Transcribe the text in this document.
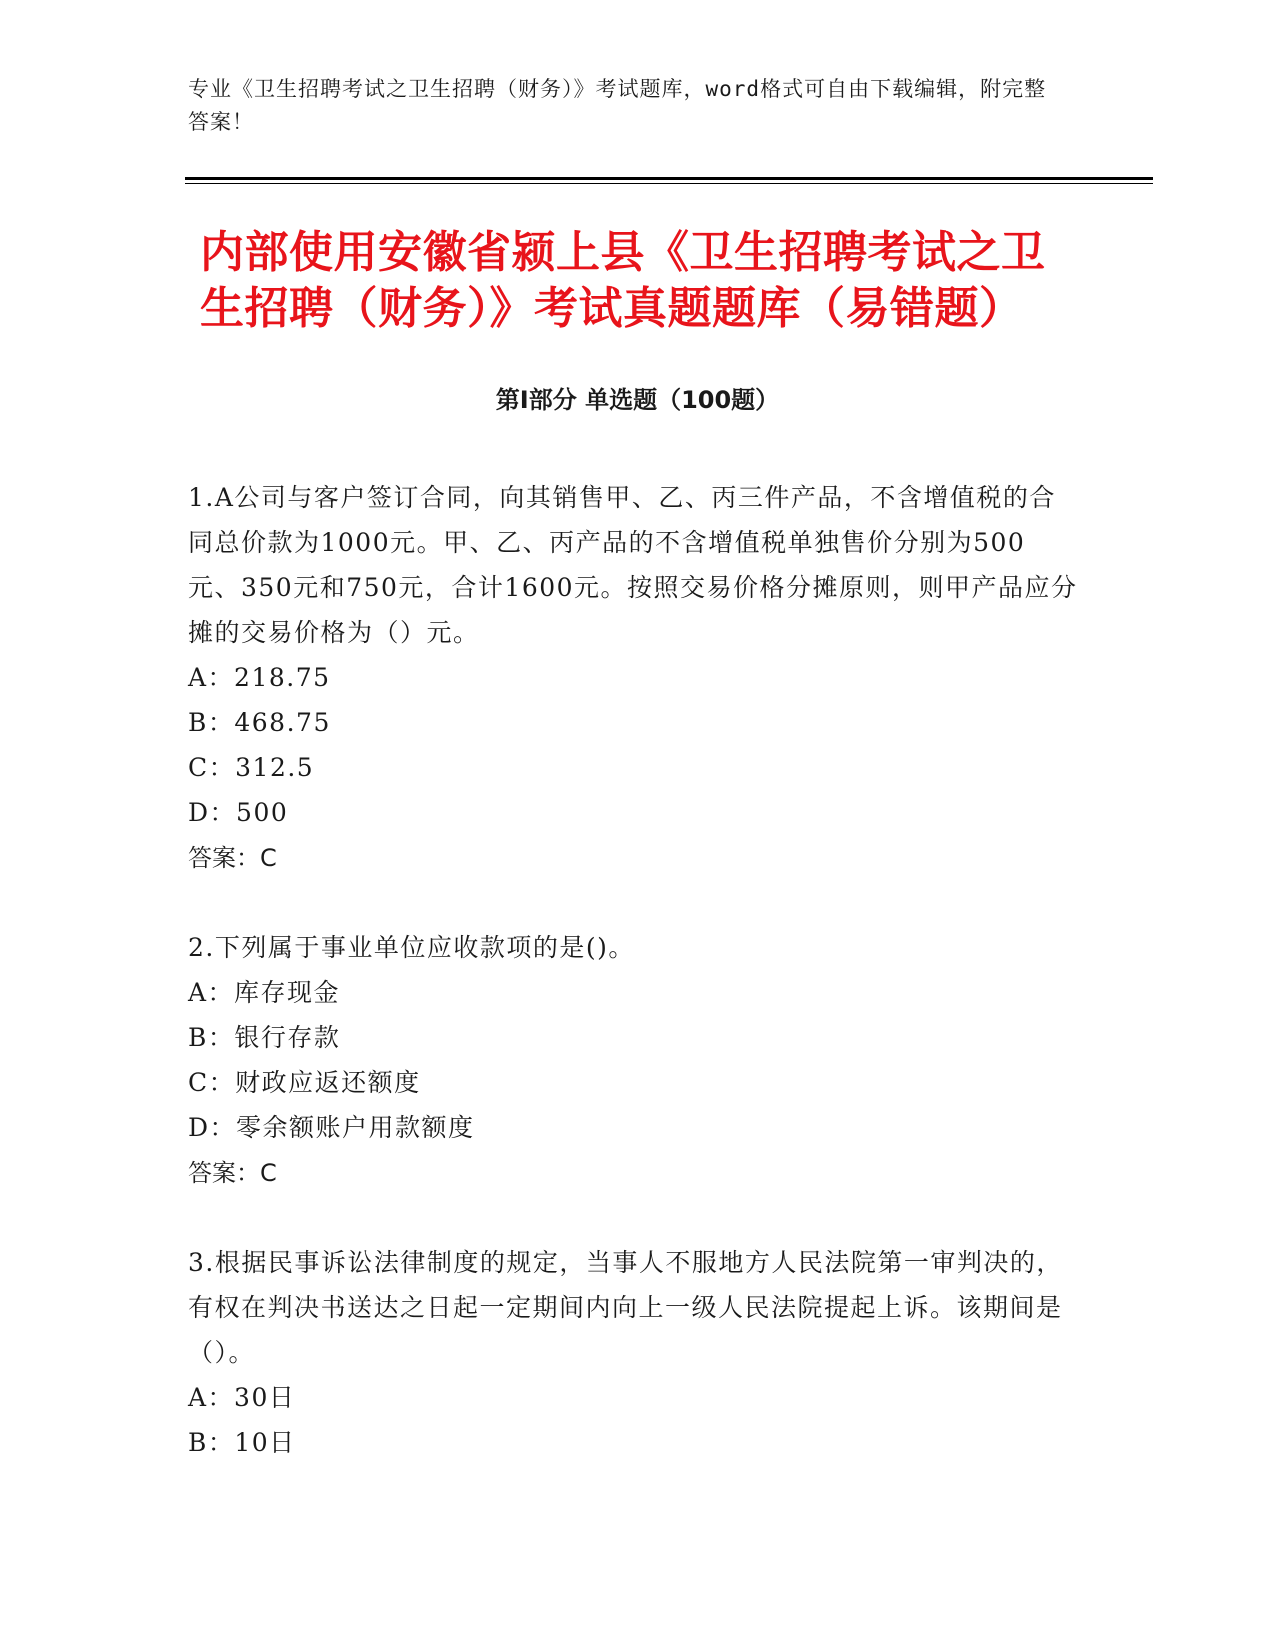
专业《卫生招聘考试之卫生招聘（财务）》考试题库，word格式可自由下载编辑，附完整答案！
内部使用安徽省颍上县《卫生招聘考试之卫生招聘（财务）》考试真题题库（易错题）
第I部分 单选题（100题）

1.A公司与客户签订合同，向其销售甲、乙、丙三件产品，不含增值税的合同总价款为1000元。甲、乙、丙产品的不含增值税单独售价分别为500元、350元和750元，合计1600元。按照交易价格分摊原则，则甲产品应分摊的交易价格为（）元。

A：218.75

B：468.75

C：312.5

D：500

答案：C

2.下列属于事业单位应收款项的是()。

A：库存现金

B：银行存款

C：财政应返还额度

D：零余额账户用款额度

答案：C

3.根据民事诉讼法律制度的规定，当事人不服地方人民法院第一审判决的，有权在判决书送达之日起一定期间内向上一级人民法院提起上诉。该期间是（）。

A：30日

B：10日
